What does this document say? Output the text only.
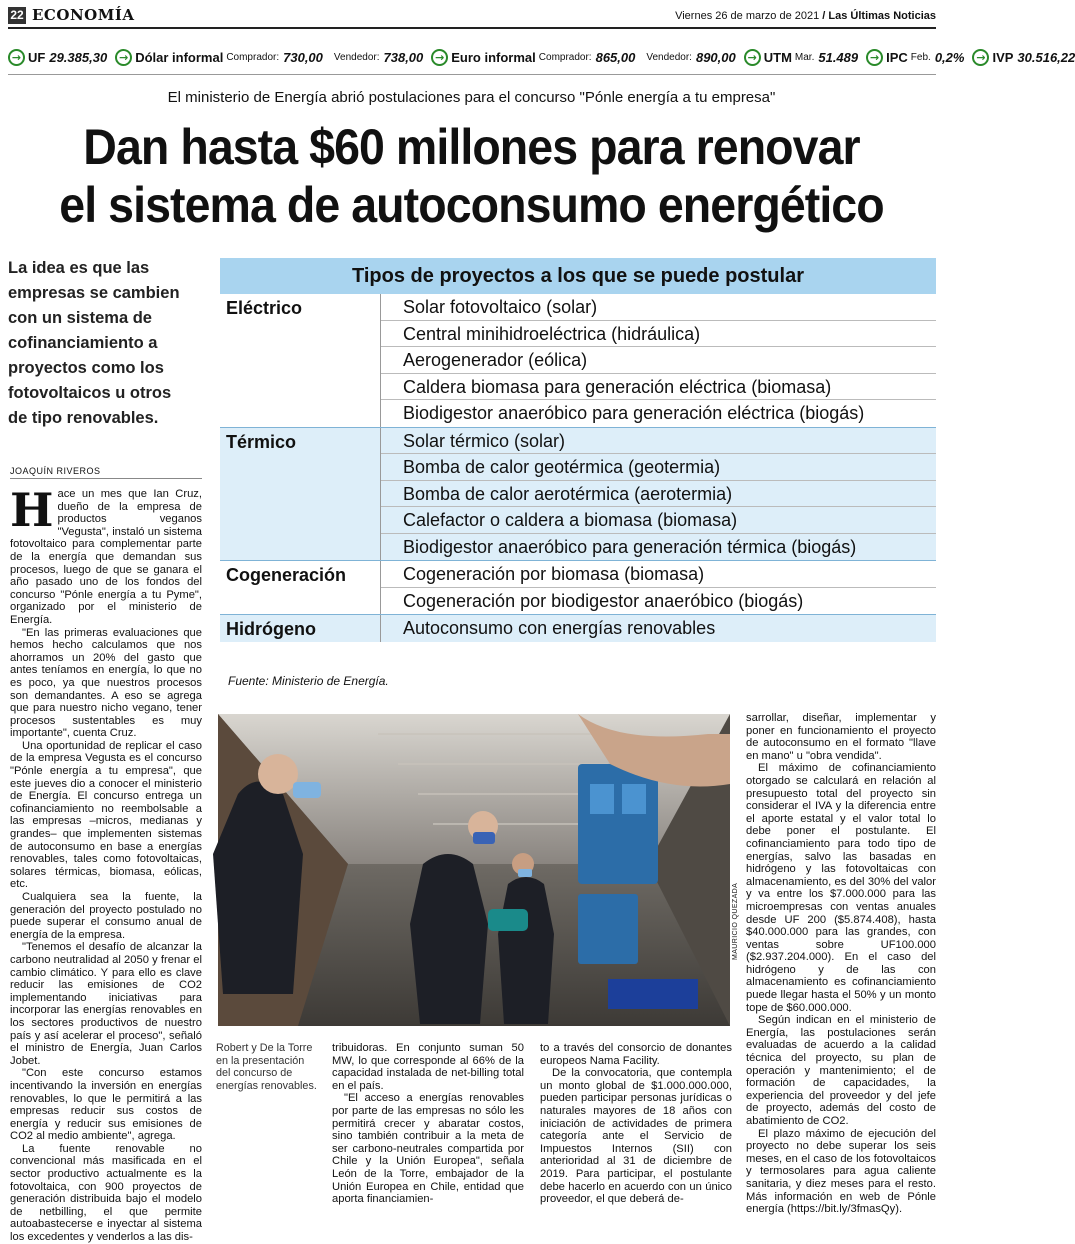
22 ECONOMÍA	Viernes 26 de marzo de 2021 / Las Últimas Noticias
→ UF 29.385,30	→ Dólar informal Comprador: 730,00 Vendedor: 738,00	→ Euro informal Comprador: 865,00 Vendedor: 890,00	→ UTM Mar. 51.489	→ IPC Feb. 0,2%	→ IVP 30.516,22
El ministerio de Energía abrió postulaciones para el concurso "Pónle energía a tu empresa"
Dan hasta $60 millones para renovar
el sistema de autoconsumo energético
La idea es que las empresas se cambien con un sistema de cofinanciamiento a proyectos como los fotovoltaicos u otros de tipo renovables.
JOAQUÍN RIVEROS
Tipos de proyectos a los que se puede postular
Eléctrico	Solar fotovoltaico (solar)
Central minihidroeléctrica (hidráulica)
Aerogenerador (eólica)
Caldera biomasa para generación eléctrica (biomasa)
Biodigestor anaeróbico para generación eléctrica (biogás)
Térmico	Solar térmico (solar)
Bomba de calor geotérmica (geotermia)
Bomba de calor aerotérmica (aerotermia)
Calefactor o caldera a biomasa (biomasa)
Biodigestor anaeróbico para generación térmica (biogás)
Cogeneración	Cogeneración por biomasa (biomasa)
Cogeneración por biodigestor anaeróbico (biogás)
Hidrógeno	Autoconsumo con energías renovables
Fuente: Ministerio de Energía.
H ace un mes que Ian Cruz, dueño de la empresa de productos veganos "Vegusta", instaló un sistema fotovoltaico para complementar parte de la energía que demandan sus procesos, luego de que se ganara el año pasado uno de los fondos del concurso "Pónle energía a tu Pyme", organizado por el ministerio de Energía.

"En las primeras evaluaciones que hemos hecho calculamos que nos ahorramos un 20% del gasto que antes teníamos en energía, lo que no es poco, ya que nuestros procesos son demandantes. A eso se agrega que para nuestro nicho vegano, tener procesos sustentables es muy importante", cuenta Cruz.

Una oportunidad de replicar el caso de la empresa Vegusta es el concurso "Pónle energía a tu empresa", que este jueves dio a conocer el ministerio de Energía. El concurso entrega un cofinanciamiento no reembolsable a las empresas –micros, medianas y grandes– que implementen sistemas de autoconsumo en base a energías renovables, tales como fotovoltaicas, solares térmicas, biomasa, eólicas, etc.

Cualquiera sea la fuente, la generación del proyecto postulado no puede superar el consumo anual de energía de la empresa.

"Tenemos el desafío de alcanzar la carbono neutralidad al 2050 y frenar el cambio climático. Y para ello es clave reducir las emisiones de CO2 implementando iniciativas para incorporar las energías renovables en los sectores productivos de nuestro país y así acelerar el proceso", señaló el ministro de Energía, Juan Carlos Jobet.

"Con este concurso estamos incentivando la inversión en energías renovables, lo que le permitirá a las empresas reducir sus costos de energía y reducir sus emisiones de CO2 al medio ambiente", agrega.

La fuente renovable no convencional más masificada en el sector productivo actualmente es la fotovoltaica, con 900 proyectos de generación distribuida bajo el modelo de netbilling, el que permite autoabastecerse e inyectar al sistema los excedentes y venderlos a las dis-

MAURICIO QUEZADA
Robert y De la Torre en la presentación del concurso de energías renovables.

tribuidoras. En conjunto suman 50 MW, lo que corresponde al 66% de la capacidad instalada de net-billing total en el país.

"El acceso a energías renovables por parte de las empresas no sólo les permitirá crecer y abaratar costos, sino también contribuir a la meta de ser carbono-neutrales compartida por Chile y la Unión Europea", señala León de la Torre, embajador de la Unión Europea en Chile, entidad que aporta financiamien-

to a través del consorcio de donantes europeos Nama Facility.

De la convocatoria, que contempla un monto global de $1.000.000.000, pueden participar personas jurídicas o naturales mayores de 18 años con iniciación de actividades de primera categoría ante el Servicio de Impuestos Internos (SII) con anterioridad al 31 de diciembre de 2019. Para participar, el postulante debe hacerlo en acuerdo con un único proveedor, el que deberá de-

sarrollar, diseñar, implementar y poner en funcionamiento el proyecto de autoconsumo en el formato "llave en mano" u "obra vendida".

El máximo de cofinanciamiento otorgado se calculará en relación al presupuesto total del proyecto sin considerar el IVA y la diferencia entre el aporte estatal y el valor total lo debe poner el postulante. El cofinanciamiento para todo tipo de energías, salvo las basadas en hidrógeno y las fotovoltaicas con almacenamiento, es del 30% del valor y va entre los $7.000.000 para las microempresas con ventas anuales desde UF 200 ($5.874.408), hasta $40.000.000 para las grandes, con ventas sobre UF100.000 ($2.937.204.000). En el caso del hidrógeno y de las con almacenamiento es cofinanciamiento puede llegar hasta el 50% y un monto tope de $60.000.000.

Según indican en el ministerio de Energía, las postulaciones serán evaluadas de acuerdo a la calidad técnica del proyecto, su plan de operación y mantenimiento; el de formación de capacidades, la experiencia del proveedor y del jefe de proyecto, además del costo de abatimiento de CO2.

El plazo máximo de ejecución del proyecto no debe superar los seis meses, en el caso de los fotovoltaicos y termosolares para agua caliente sanitaria, y diez meses para el resto. Más información en web de Pónle energía (https://bit.ly/3fmasQy).
